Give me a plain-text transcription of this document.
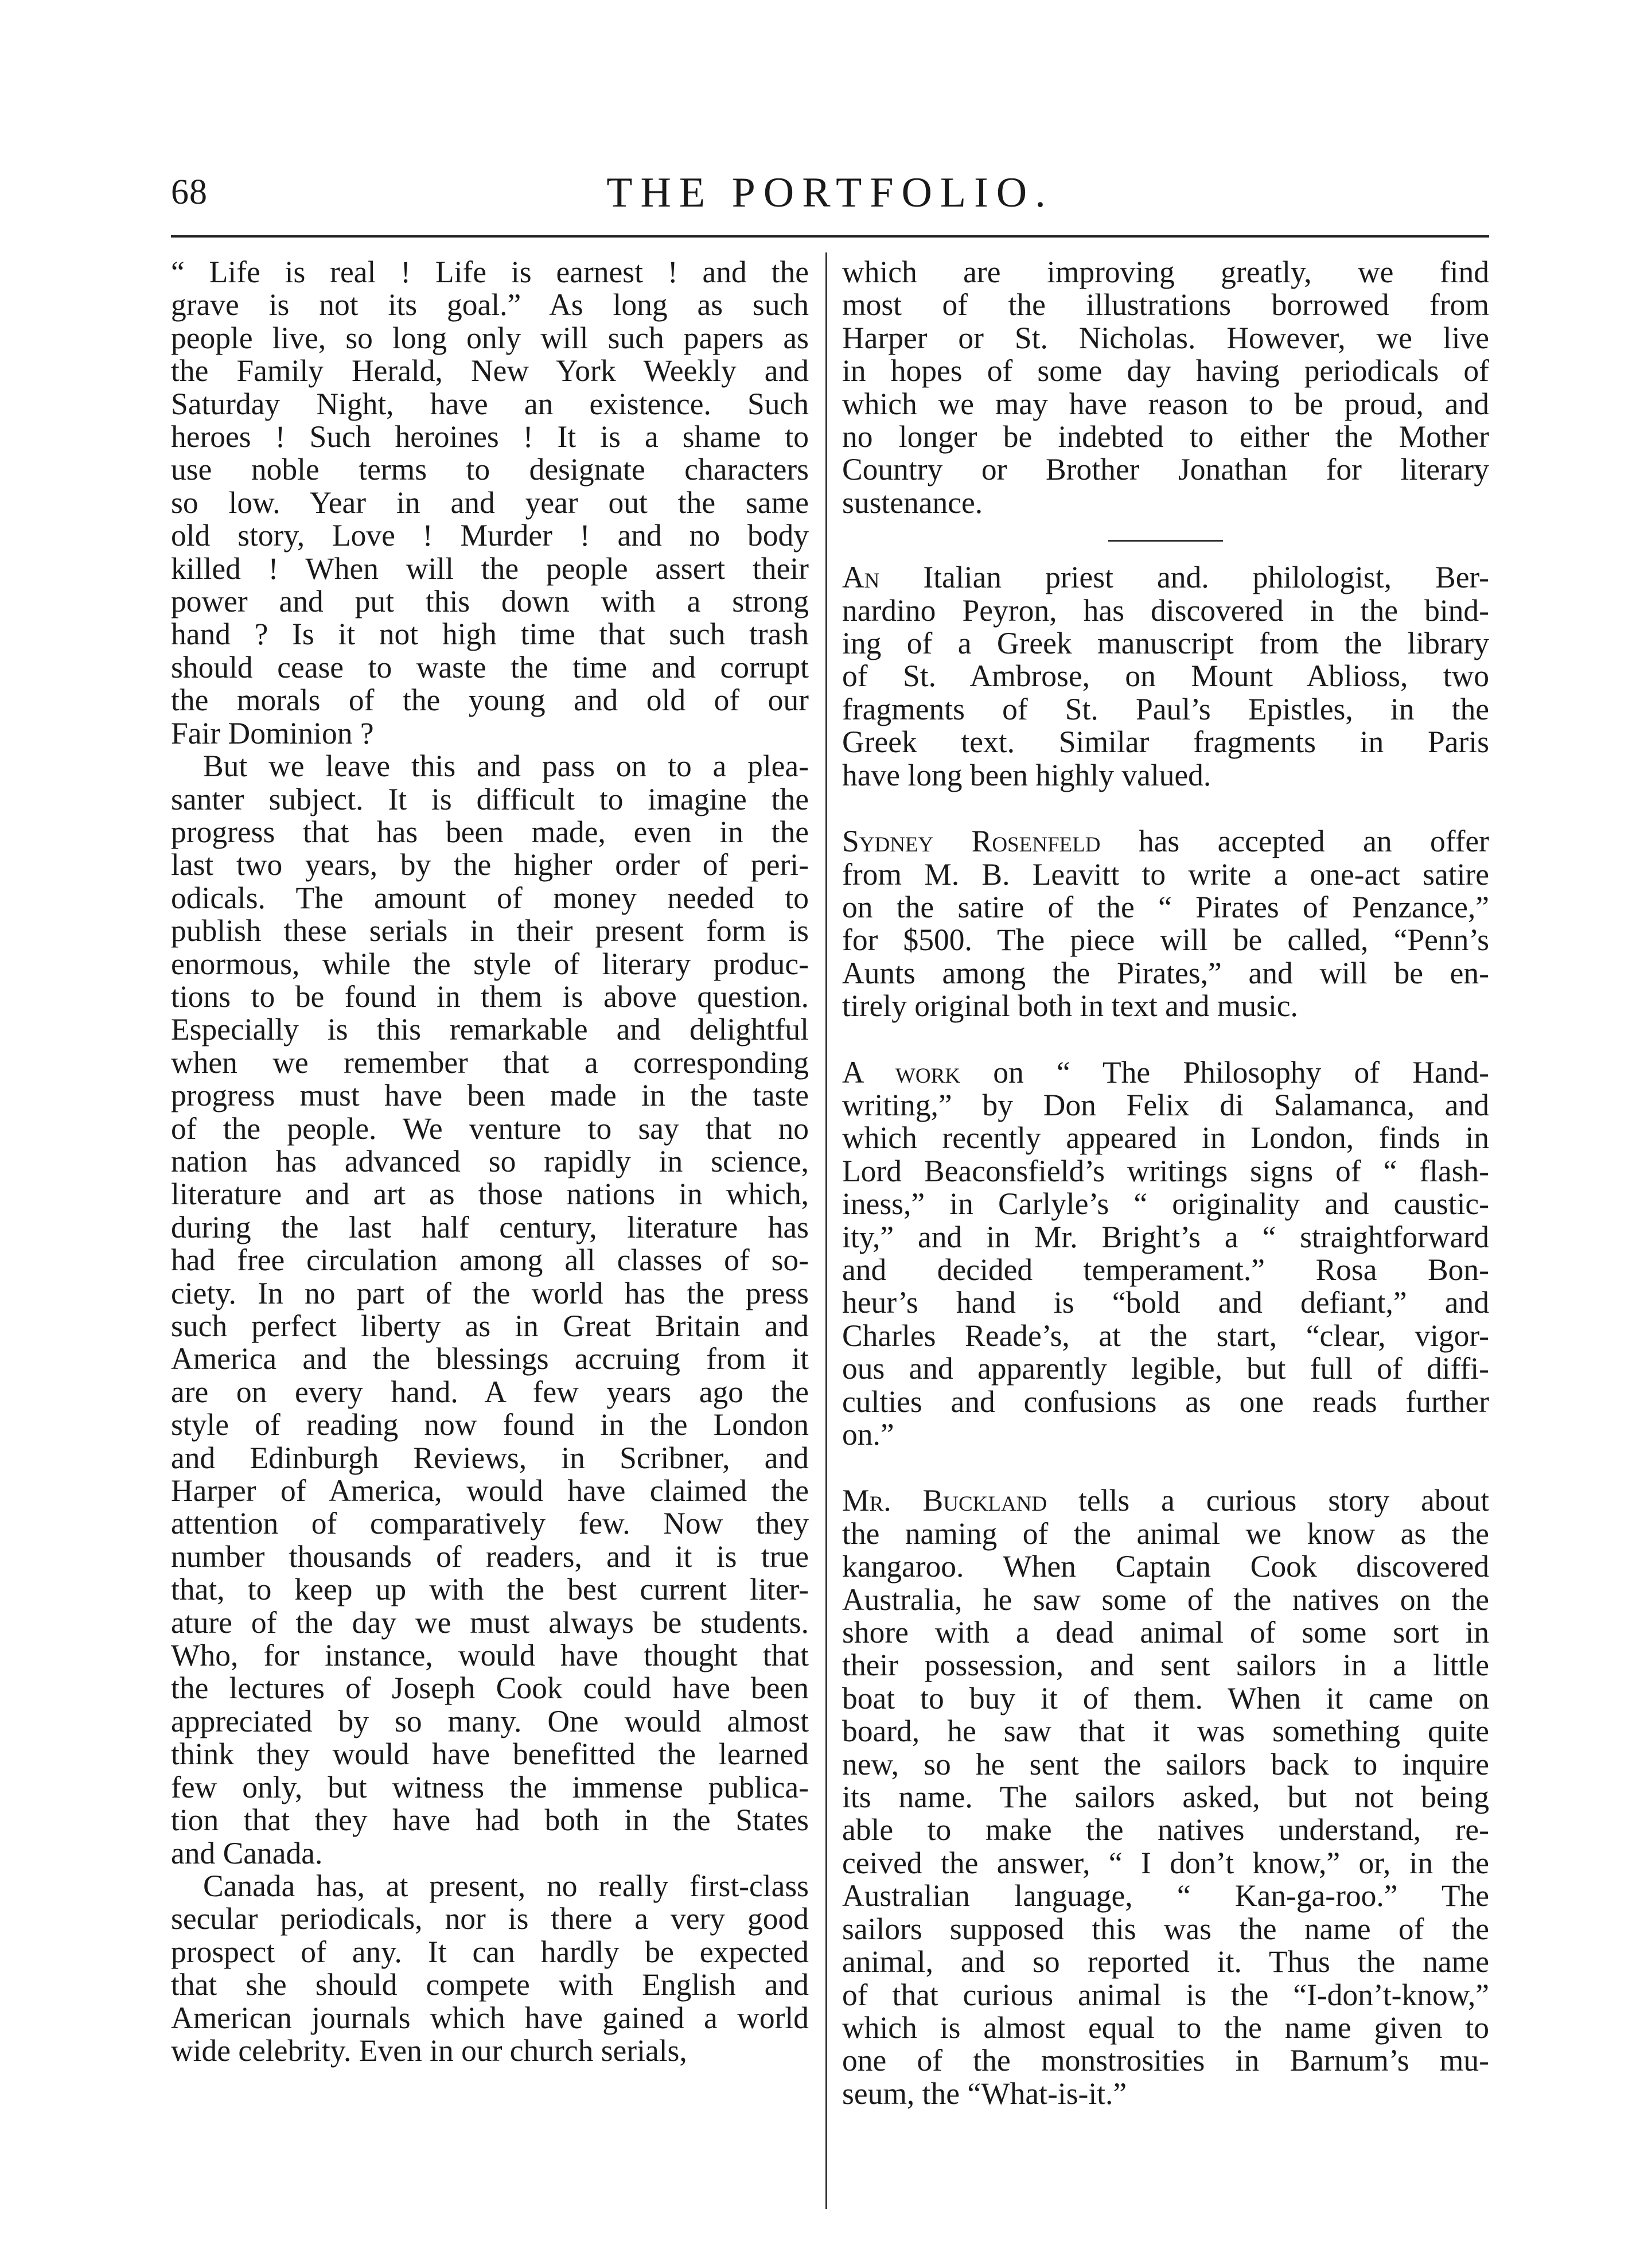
68	THE PORTFOLIO.

“ Life is real ! Life is earnest ! and the
grave is not its goal.” As long as such
people live, so long only will such papers as
the Family Herald, New York Weekly and
Saturday Night, have an existence. Such
heroes ! Such heroines ! It is a shame to
use noble terms to designate characters
so low. Year in and year out the same
old story, Love ! Murder ! and no body
killed ! When will the people assert their
power and put this down with a strong
hand ? Is it not high time that such trash
should cease to waste the time and corrupt
the morals of the young and old of our
Fair Dominion ?

But we leave this and pass on to a plea-
santer subject. It is difficult to imagine the
progress that has been made, even in the
last two years, by the higher order of peri-
odicals. The amount of money needed to
publish these serials in their present form is
enormous, while the style of literary produc-
tions to be found in them is above question.
Especially is this remarkable and delightful
when we remember that a corresponding
progress must have been made in the taste
of the people. We venture to say that no
nation has advanced so rapidly in science,
literature and art as those nations in which,
during the last half century, literature has
had free circulation among all classes of so-
ciety. In no part of the world has the press
such perfect liberty as in Great Britain and
America and the blessings accruing from it
are on every hand. A few years ago the
style of reading now found in the London
and Edinburgh Reviews, in Scribner, and
Harper of America, would have claimed the
attention of comparatively few. Now they
number thousands of readers, and it is true
that, to keep up with the best current liter-
ature of the day we must always be students.
Who, for instance, would have thought that
the lectures of Joseph Cook could have been
appreciated by so many. One would almost
think they would have benefitted the learned
few only, but witness the immense publica-
tion that they have had both in the States
and Canada.

Canada has, at present, no really first-class
secular periodicals, nor is there a very good
prospect of any. It can hardly be expected
that she should compete with English and
American journals which have gained a world
wide celebrity. Even in our church serials,

which are improving greatly, we find
most of the illustrations borrowed from
Harper or St. Nicholas. However, we live
in hopes of some day having periodicals of
which we may have reason to be proud, and
no longer be indebted to either the Mother
Country or Brother Jonathan for literary
sustenance.

An Italian priest and. philologist, Ber-
nardino Peyron, has discovered in the bind-
ing of a Greek manuscript from the library
of St. Ambrose, on Mount Ablioss, two
fragments of St. Paul’s Epistles, in the
Greek text. Similar fragments in Paris
have long been highly valued.

Sydney Rosenfeld has accepted an offer
from M. B. Leavitt to write a one-act satire
on the satire of the “ Pirates of Penzance,”
for $500. The piece will be called, “Penn’s
Aunts among the Pirates,” and will be en-
tirely original both in text and music.

A work on “ The Philosophy of Hand-
writing,” by Don Felix di Salamanca, and
which recently appeared in London, finds in
Lord Beaconsfield’s writings signs of “ flash-
iness,” in Carlyle’s “ originality and caustic-
ity,” and in Mr. Bright’s a “ straightforward
and decided temperament.” Rosa Bon-
heur’s hand is “bold and defiant,” and
Charles Reade’s, at the start, “clear, vigor-
ous and apparently legible, but full of diffi-
culties and confusions as one reads further
on.”

Mr. Buckland tells a curious story about
the naming of the animal we know as the
kangaroo. When Captain Cook discovered
Australia, he saw some of the natives on the
shore with a dead animal of some sort in
their possession, and sent sailors in a little
boat to buy it of them. When it came on
board, he saw that it was something quite
new, so he sent the sailors back to inquire
its name. The sailors asked, but not being
able to make the natives understand, re-
ceived the answer, “ I don’t know,” or, in the
Australian language, “ Kan-ga-roo.” The
sailors supposed this was the name of the
animal, and so reported it. Thus the name
of that curious animal is the “I-don’t-know,”
which is almost equal to the name given to
one of the monstrosities in Barnum’s mu-
seum, the “What-is-it.”
